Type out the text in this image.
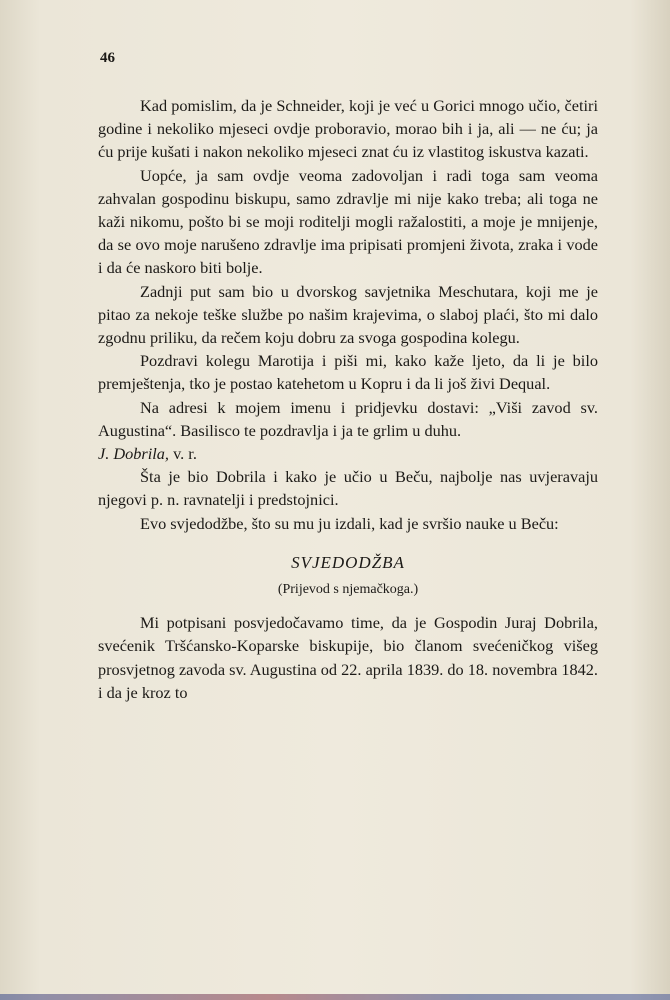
46

Kad pomislim, da je Schneider, koji je već u Gorici mnogo učio, četiri godine i nekoliko mjeseci ovdje proboravio, morao bih i ja, ali — ne ću; ja ću prije kušati i nakon nekoliko mjeseci znat ću iz vlastitog iskustva kazati.

Uopće, ja sam ovdje veoma zadovoljan i radi toga sam veoma zahvalan gospodinu biskupu, samo zdravlje mi nije kako treba; ali toga ne kaži nikomu, pošto bi se moji roditelji mogli ražalostiti, a moje je mnijenje, da se ovo moje narušeno zdravlje ima pripisati promjeni života, zraka i vode i da će naskoro biti bolje.

Zadnji put sam bio u dvorskog savjetnika Meschutara, koji me je pitao za nekoje teške službe po našim krajevima, o slaboj plaći, što mi dalo zgodnu priliku, da rečem koju dobru za svoga gospodina kolegu.

Pozdravi kolegu Marotija i piši mi, kako kaže ljeto, da li je bilo premještenja, tko je postao katehetom u Kopru i da li još živi Dequal.

Na adresi k mojem imenu i pridjevku dostavi: „Viši zavod sv. Augustina“. Basilisco te pozdravlja i ja te grlim u duhu.

J. Dobrila, v. r.

Šta je bio Dobrila i kako je učio u Beču, najbolje nas uvjeravaju njegovi p. n. ravnatelji i predstojnici.

Evo svjedodžbe, što su mu ju izdali, kad je svršio nauke u Beču:

SVJEDODŽBA
(Prijevod s njemačkoga.)

Mi potpisani posvjedočavamo time, da je Gospodin Juraj Dobrila, svećenik Tršćansko-Koparske biskupije, bio članom svećeničkog višeg prosvjetnog zavoda sv. Augustina od 22. aprila 1839. do 18. novembra 1842. i da je kroz to
